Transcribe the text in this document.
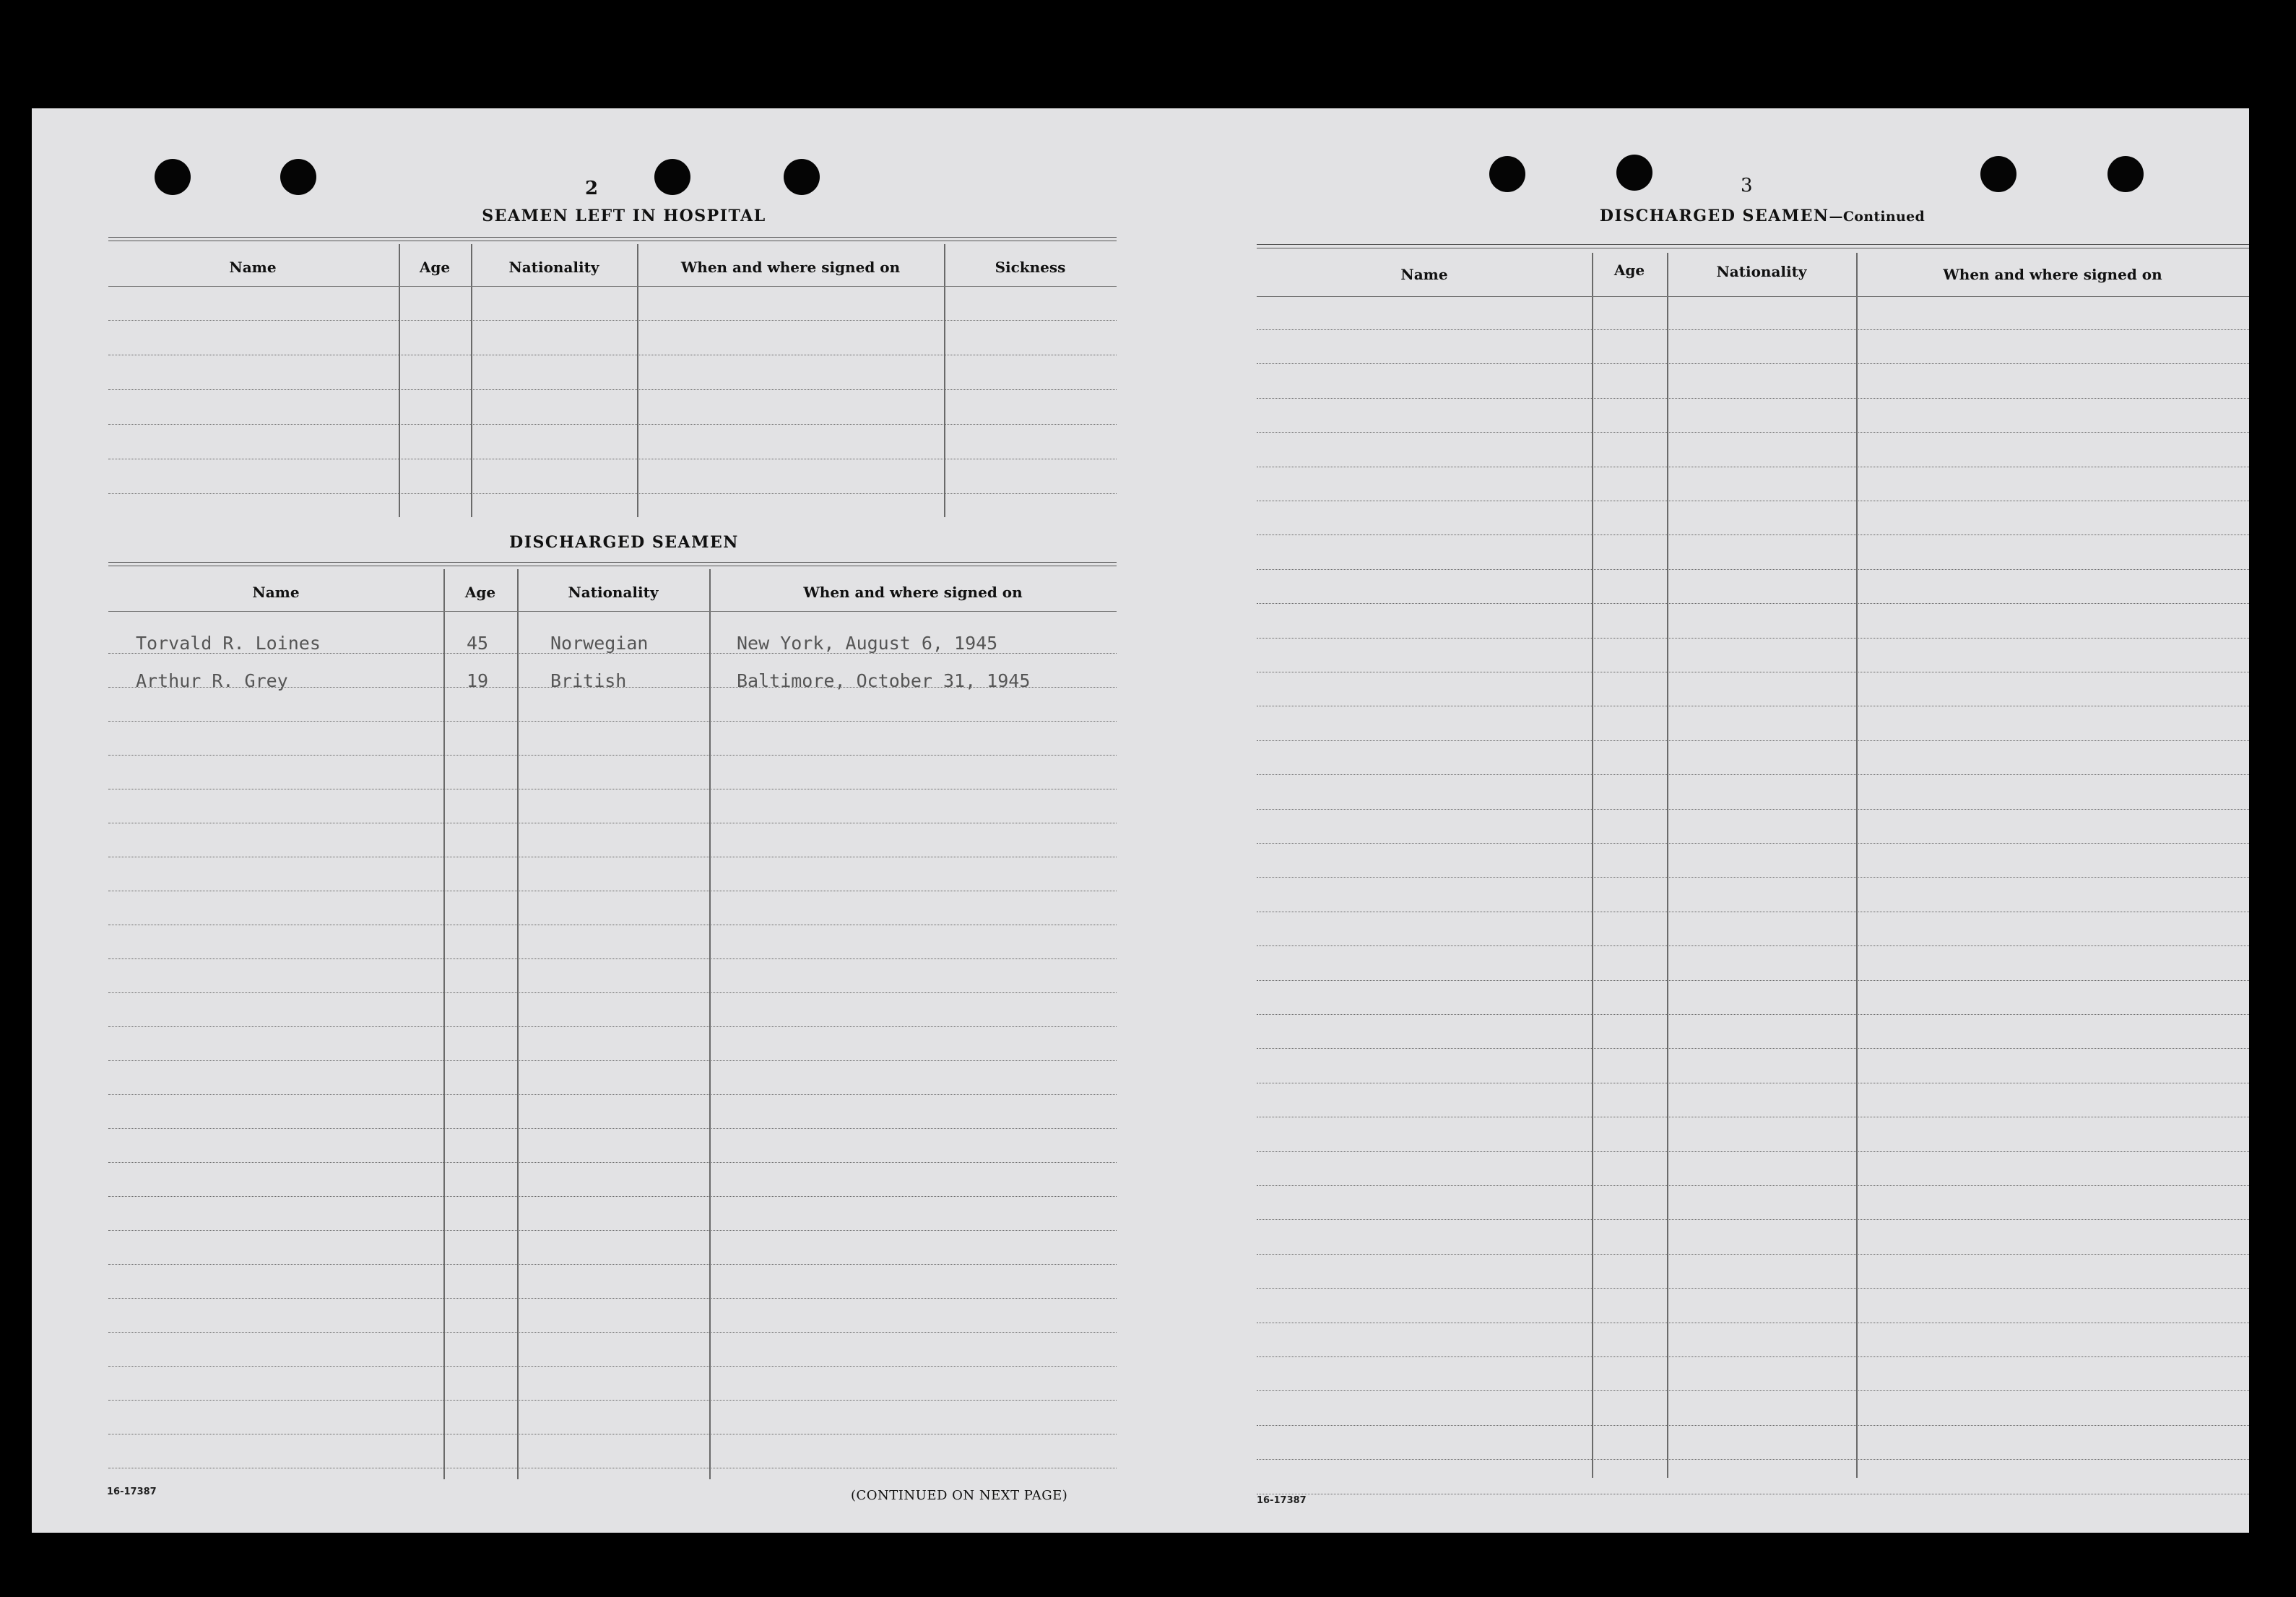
2
SEAMEN LEFT IN HOSPITAL
Name	Age	Nationality	When and where signed on	Sickness
DISCHARGED SEAMEN
Name	Age	Nationality	When and where signed on
Torvald R. Loines	45	Norwegian	New York, August 6, 1945
Arthur R. Grey	19	British	Baltimore, October 31, 1945
16-17387	(CONTINUED ON NEXT PAGE)
3
DISCHARGED SEAMEN—Continued
Name	Age	Nationality	When and where signed on
16-17387
